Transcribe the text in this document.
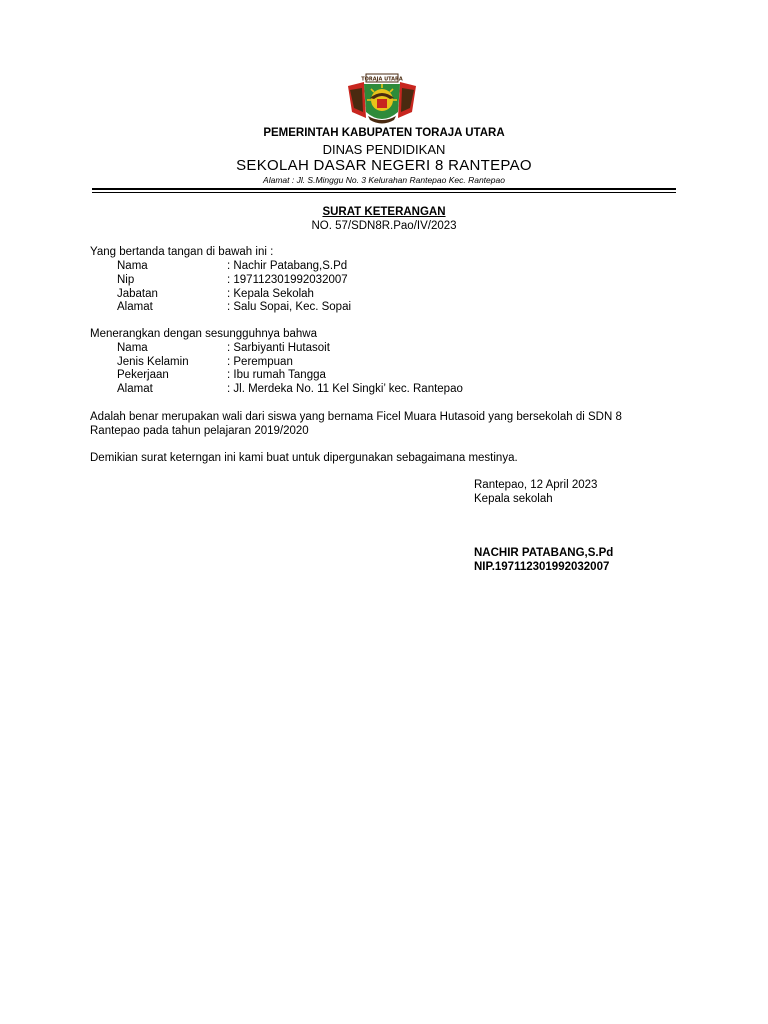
TORAJA UTARA
PEMERINTAH KABUPATEN TORAJA UTARA
DINAS PENDIDIKAN
SEKOLAH DASAR NEGERI 8 RANTEPAO
Alamat : Jl. S.Minggu No. 3 Kelurahan Rantepao Kec. Rantepao
SURAT KETERANGAN
NO. 57/SDN8R.Pao/IV/2023
Yang bertanda tangan di bawah ini :
Nama	: Nachir Patabang,S.Pd
Nip	: 197112301992032007
Jabatan	: Kepala Sekolah
Alamat	: Salu Sopai, Kec. Sopai
Menerangkan dengan sesungguhnya bahwa
Nama	: Sarbiyanti Hutasoit
Jenis Kelamin	: Perempuan
Pekerjaan	: Ibu rumah Tangga
Alamat	: Jl. Merdeka No. 11 Kel Singki’ kec. Rantepao
Adalah benar merupakan wali dari siswa yang bernama Ficel Muara Hutasoid yang bersekolah di SDN 8
Rantepao pada tahun pelajaran 2019/2020
Demikian surat keterngan ini kami buat untuk dipergunakan sebagaimana mestinya.
Rantepao, 12 April 2023
Kepala sekolah
NACHIR PATABANG,S.Pd
NIP.197112301992032007
